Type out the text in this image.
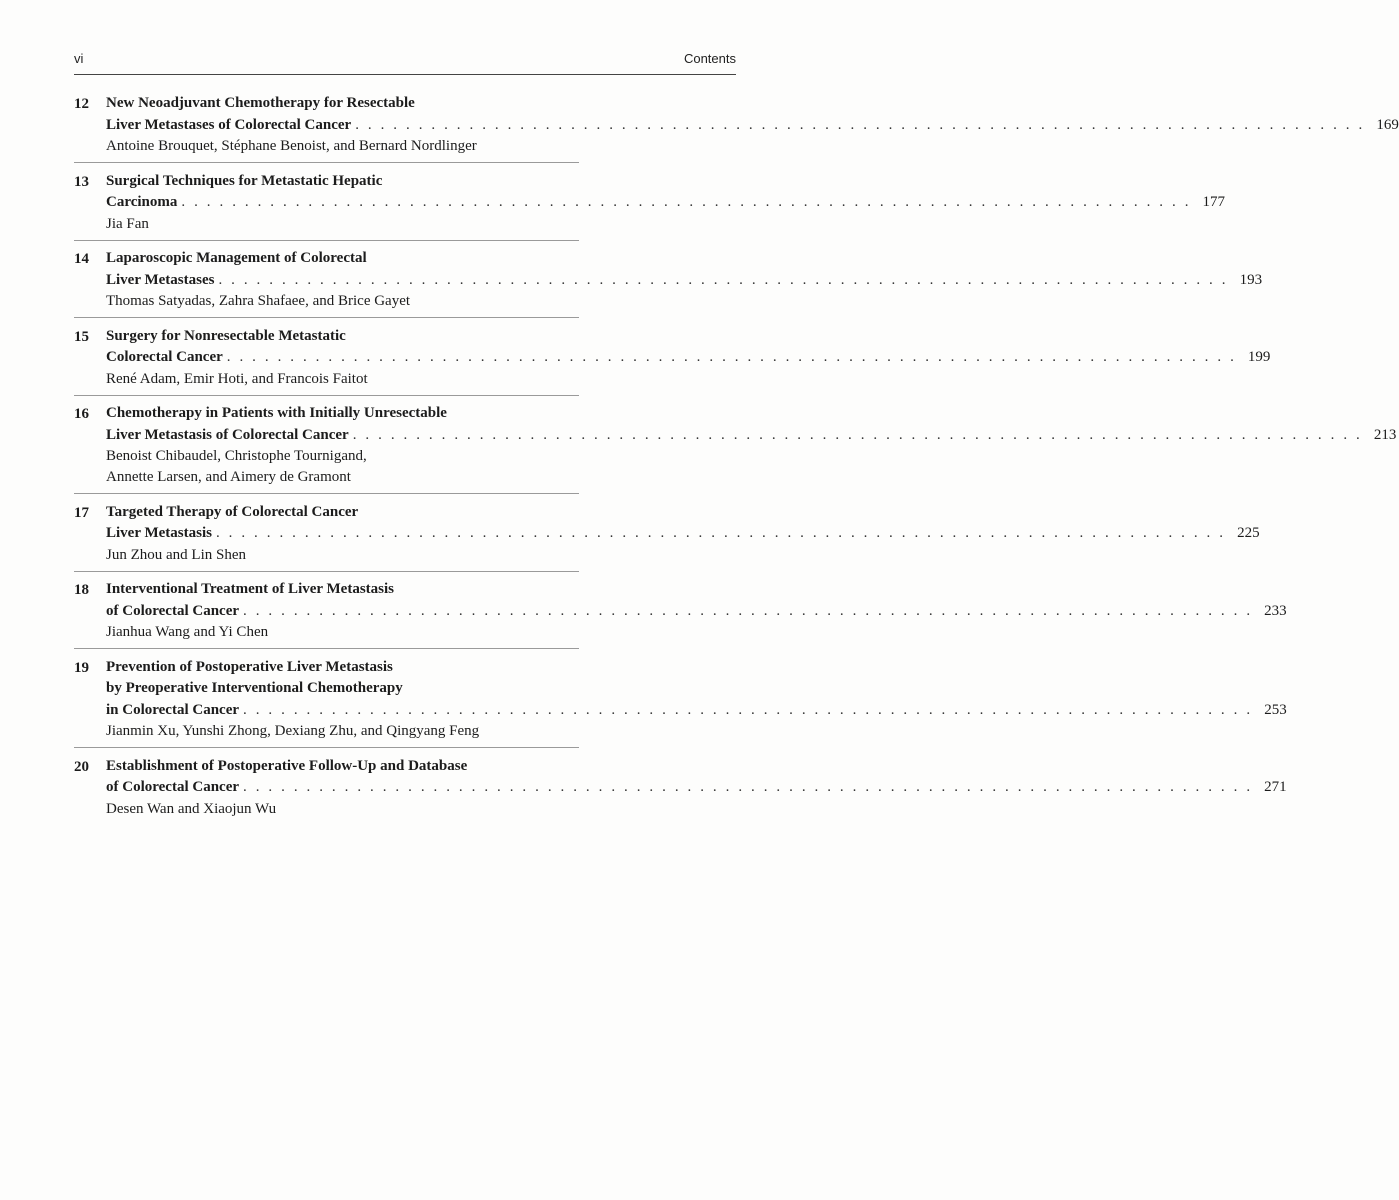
vi	Contents
12 New Neoadjuvant Chemotherapy for Resectable
Liver Metastases of Colorectal Cancer . . . . . . . . . . . . . . . . . . . . . . . . . . . . . . . . . . . . . . . . . . . . . . . . . . . . . . . . . . . . . . . . . . . . . . . . . . . . . . . . 169
Antoine Brouquet, Stéphane Benoist, and Bernard Nordlinger
13 Surgical Techniques for Metastatic Hepatic
Carcinoma . . . . . . . . . . . . . . . . . . . . . . . . . . . . . . . . . . . . . . . . . . . . . . . . . . . . . . . . . . . . . . . . . . . . . . . . . . . . . . . . 177
Jia Fan
14 Laparoscopic Management of Colorectal
Liver Metastases . . . . . . . . . . . . . . . . . . . . . . . . . . . . . . . . . . . . . . . . . . . . . . . . . . . . . . . . . . . . . . . . . . . . . . . . . . . . . . . . 193
Thomas Satyadas, Zahra Shafaee, and Brice Gayet
15 Surgery for Nonresectable Metastatic
Colorectal Cancer . . . . . . . . . . . . . . . . . . . . . . . . . . . . . . . . . . . . . . . . . . . . . . . . . . . . . . . . . . . . . . . . . . . . . . . . . . . . . . . . 199
René Adam, Emir Hoti, and Francois Faitot
16 Chemotherapy in Patients with Initially Unresectable
Liver Metastasis of Colorectal Cancer . . . . . . . . . . . . . . . . . . . . . . . . . . . . . . . . . . . . . . . . . . . . . . . . . . . . . . . . . . . . . . . . . . . . . . . . . . . . . . . . 213
Benoist Chibaudel, Christophe Tournigand,
Annette Larsen, and Aimery de Gramont
17 Targeted Therapy of Colorectal Cancer
Liver Metastasis . . . . . . . . . . . . . . . . . . . . . . . . . . . . . . . . . . . . . . . . . . . . . . . . . . . . . . . . . . . . . . . . . . . . . . . . . . . . . . . . 225
Jun Zhou and Lin Shen
18 Interventional Treatment of Liver Metastasis
of Colorectal Cancer . . . . . . . . . . . . . . . . . . . . . . . . . . . . . . . . . . . . . . . . . . . . . . . . . . . . . . . . . . . . . . . . . . . . . . . . . . . . . . . . 233
Jianhua Wang and Yi Chen
19 Prevention of Postoperative Liver Metastasis
by Preoperative Interventional Chemotherapy
in Colorectal Cancer . . . . . . . . . . . . . . . . . . . . . . . . . . . . . . . . . . . . . . . . . . . . . . . . . . . . . . . . . . . . . . . . . . . . . . . . . . . . . . . . 253
Jianmin Xu, Yunshi Zhong, Dexiang Zhu, and Qingyang Feng
20 Establishment of Postoperative Follow-Up and Database
of Colorectal Cancer . . . . . . . . . . . . . . . . . . . . . . . . . . . . . . . . . . . . . . . . . . . . . . . . . . . . . . . . . . . . . . . . . . . . . . . . . . . . . . . . 271
Desen Wan and Xiaojun Wu
